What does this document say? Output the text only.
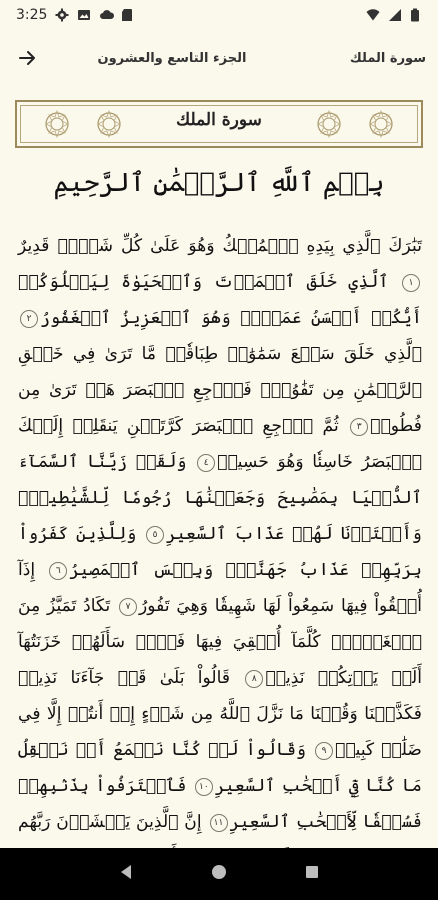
3:25
سورة الملك
الجزء التاسع والعشرون
سورة الملك
بِسۡمِ ٱللَّهِ ٱلرَّحۡمَٰنِ ٱلرَّحِيمِ
تَبَٰرَكَ ٱلَّذِي بِيَدِهِ ٱلۡمُلۡكُ وَهُوَ عَلَىٰ كُلِّ شَيۡءٖ قَدِيرٌ١ ٱلَّذِي خَلَقَ ٱلۡمَوۡتَ وَٱلۡحَيَوٰةَ لِيَبۡلُوَكُمۡ أَيُّكُمۡ أَحۡسَنُ عَمَلٗاۚ وَهُوَ ٱلۡعَزِيزُ ٱلۡغَفُورُ٢ ٱلَّذِي خَلَقَ سَبۡعَ سَمَٰوَٰتٖ طِبَاقٗاۖ مَّا تَرَىٰ فِي خَلۡقِ ٱلرَّحۡمَٰنِ مِن تَفَٰوُتٖۖ فَٱرۡجِعِ ٱلۡبَصَرَ هَلۡ تَرَىٰ مِن فُطُورٖ٣ ثُمَّ ٱرۡجِعِ ٱلۡبَصَرَ كَرَّتَيۡنِ يَنقَلِبۡ إِلَيۡكَ ٱلۡبَصَرُ خَاسِئٗا وَهُوَ حَسِيرٞ٤ وَلَقَدۡ زَيَّنَّا ٱلسَّمَآءَ ٱلدُّنۡيَا بِمَصَٰبِيحَ وَجَعَلۡنَٰهَا رُجُومٗا لِّلشَّيَٰطِينِۖ وَأَعۡتَدۡنَا لَهُمۡ عَذَابَ ٱلسَّعِيرِ٥ وَلِلَّذِينَ كَفَرُواْ بِرَبِّهِمۡ عَذَابُ جَهَنَّمَۖ وَبِئۡسَ ٱلۡمَصِيرُ٦ إِذَآ أُلۡقُواْ فِيهَا سَمِعُواْ لَهَا شَهِيقٗا وَهِيَ تَفُورُ٧ تَكَادُ تَمَيَّزُ مِنَ ٱلۡغَيۡظِۖ كُلَّمَآ أُلۡقِيَ فِيهَا فَوۡجٞ سَأَلَهُمۡ خَزَنَتُهَآ أَلَمۡ يَأۡتِكُمۡ نَذِيرٞ٨ قَالُواْ بَلَىٰ قَدۡ جَآءَنَا نَذِيرٞ فَكَذَّبۡنَا وَقُلۡنَا مَا نَزَّلَ ٱللَّهُ مِن شَيۡءٍ إِنۡ أَنتُمۡ إِلَّا فِي ضَلَٰلٖ كَبِيرٖ٩ وَقَالُواْ لَوۡ كُنَّا نَسۡمَعُ أَوۡ نَعۡقِلُ مَا كُنَّا فِيٓ أَصۡحَٰبِ ٱلسَّعِيرِ١٠ فَٱعۡتَرَفُواْ بِذَنۢبِهِمۡ فَسُحۡقٗا لِّأَصۡحَٰبِ ٱلسَّعِيرِ١١ إِنَّ ٱلَّذِينَ يَخۡشَوۡنَ رَبَّهُم
